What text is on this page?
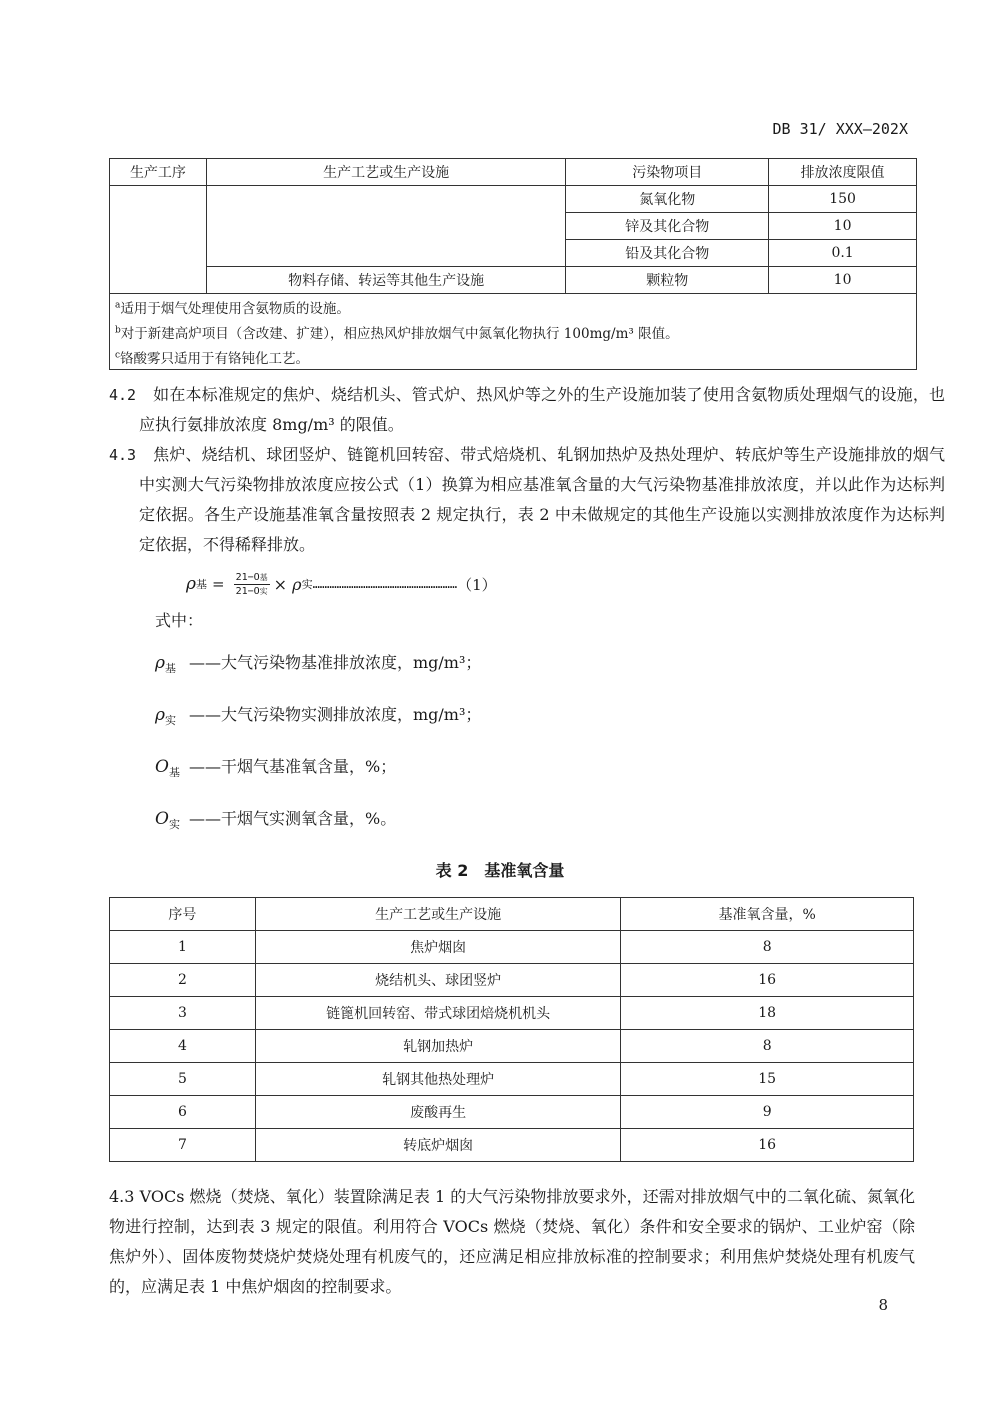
DB 31/ XXX—202X
生产工序	生产工艺或生产设施	污染物项目	排放浓度限值
		氮氧化物	150
		锌及其化合物	10
		铅及其化合物	0.1
	物料存储、转运等其他生产设施	颗粒物	10
$^a$适用于烟气处理使用含氨物质的设施。			
$^b$对于新建高炉项目（含改建、扩建），相应热风炉排放烟气中氮氧化物执行 100mg/m³ 限值。			
$^c$铬酸雾只适用于有铬钝化工艺。			
4.2 如在本标准规定的焦炉、烧结机头、管式炉、热风炉等之外的生产设施加装了使用含氨物质处理烟气的设施，也应执行氨排放浓度 8mg/m³ 的限值。
4.3 焦炉、烧结机、球团竖炉、链篦机回转窑、带式焙烧机、轧钢加热炉及热处理炉、转底炉等生产设施排放的烟气中实测大气污染物排放浓度应按公式（1）换算为相应基准氧含量的大气污染物基准排放浓度，并以此作为达标判定依据。各生产设施基准氧含量按照表 2 规定执行，表 2 中未做规定的其他生产设施以实测排放浓度作为达标判定依据，不得稀释排放。
ρ 基 = $\frac{\text{21−O基}}{\text{21−O实}} \times \rho$ 实 …………………………………………………… （1）
式中：
$\rho_基$ ——大气污染物基准排放浓度，mg/m³；
$\rho_实$ ——大气污染物实测排放浓度，mg/m³；
$O_基$ ——干烟气基准氧含量，%；
$O_实$ ——干烟气实测氧含量，%。
表 2　基准氧含量
序号	生产工艺或生产设施	基准氧含量，%
1	焦炉烟囱	8
2	烧结机头、球团竖炉	16
3	链篦机回转窑、带式球团焙烧机机头	18
4	轧钢加热炉	8
5	轧钢其他热处理炉	15
6	废酸再生	9
7	转底炉烟囱	16
4.3 VOCs 燃烧（焚烧、氧化）装置除满足表 1 的大气污染物排放要求外，还需对排放烟气中的二氧化硫、氮氧化物进行控制，达到表 3 规定的限值。利用符合 VOCs 燃烧（焚烧、氧化）条件和安全要求的锅炉、工业炉窑（除焦炉外）、固体废物焚烧炉焚烧处理有机废气的，还应满足相应排放标准的控制要求；利用焦炉焚烧处理有机废气的，应满足表 1 中焦炉烟囱的控制要求。
8
